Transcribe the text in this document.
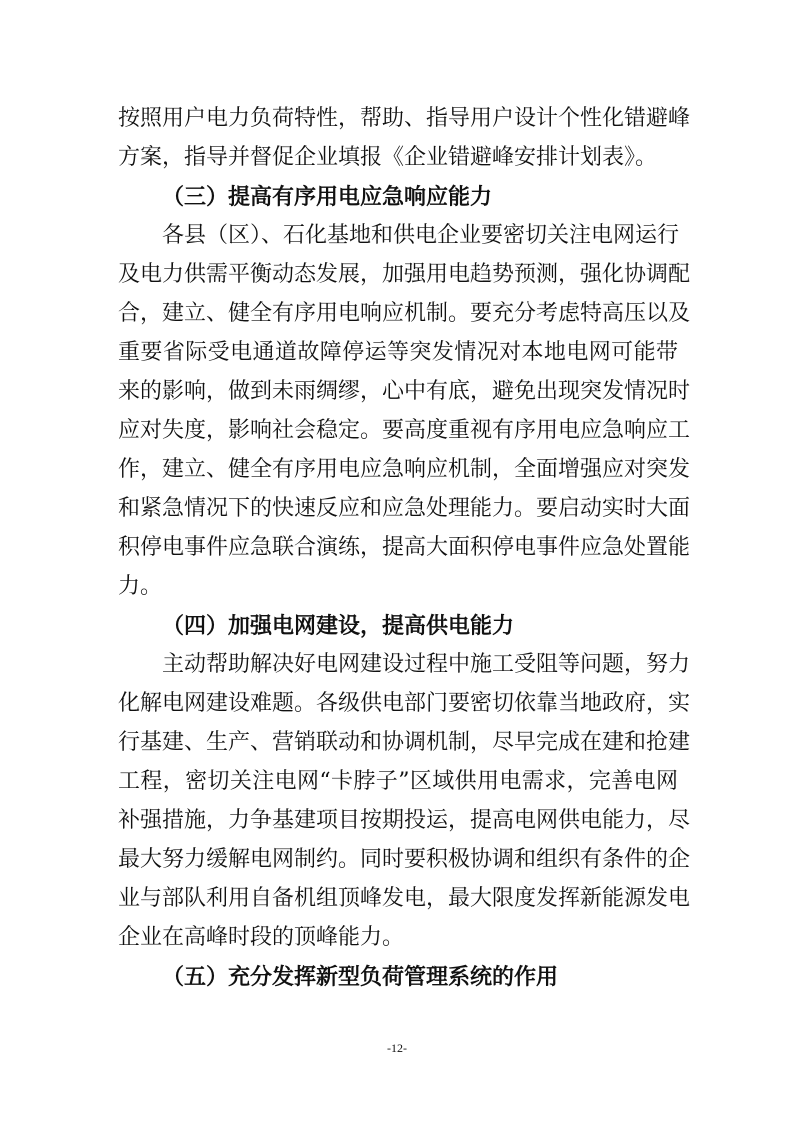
按照用户电力负荷特性，帮助、指导用户设计个性化错避峰
方案，指导并督促企业填报《企业错避峰安排计划表》。
（三）提高有序用电应急响应能力
各县（区）、石化基地和供电企业要密切关注电网运行
及电力供需平衡动态发展，加强用电趋势预测，强化协调配
合，建立、健全有序用电响应机制。要充分考虑特高压以及
重要省际受电通道故障停运等突发情况对本地电网可能带
来的影响，做到未雨绸缪，心中有底，避免出现突发情况时
应对失度，影响社会稳定。要高度重视有序用电应急响应工
作，建立、健全有序用电应急响应机制，全面增强应对突发
和紧急情况下的快速反应和应急处理能力。要启动实时大面
积停电事件应急联合演练，提高大面积停电事件应急处置能
力。
（四）加强电网建设，提高供电能力
主动帮助解决好电网建设过程中施工受阻等问题，努力
化解电网建设难题。各级供电部门要密切依靠当地政府，实
行基建、生产、营销联动和协调机制，尽早完成在建和抢建
工程，密切关注电网“卡脖子”区域供用电需求，完善电网
补强措施，力争基建项目按期投运，提高电网供电能力，尽
最大努力缓解电网制约。同时要积极协调和组织有条件的企
业与部队利用自备机组顶峰发电，最大限度发挥新能源发电
企业在高峰时段的顶峰能力。
（五）充分发挥新型负荷管理系统的作用
-12-
